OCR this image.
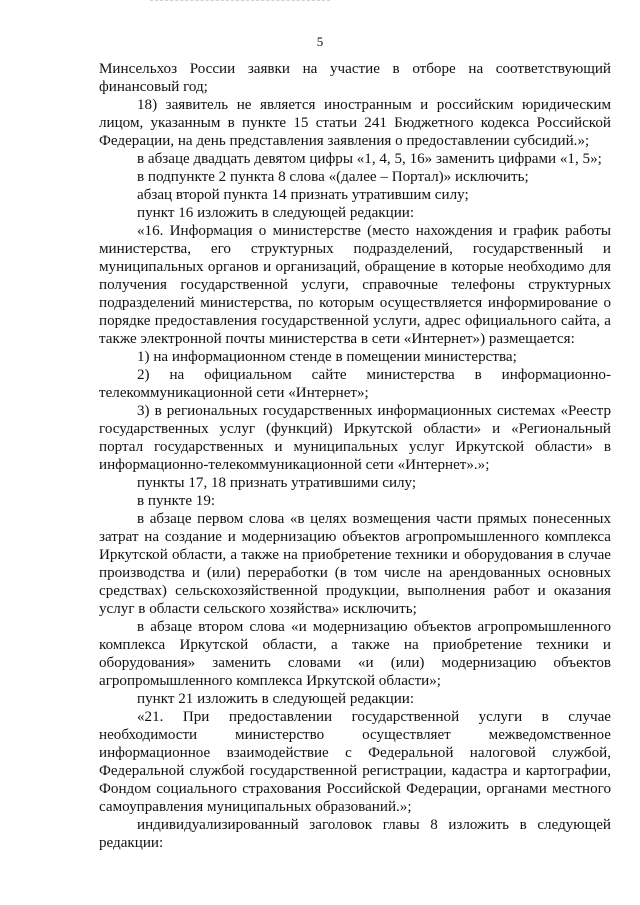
5

Минсельхоз России заявки на участие в отборе на соответствующий финансовый год;

18) заявитель не является иностранным и российским юридическим лицом, указанным в пункте 15 статьи 241 Бюджетного кодекса Российской Федерации, на день представления заявления о предоставлении субсидий.»;

в абзаце двадцать девятом цифры «1, 4, 5, 16» заменить цифрами «1, 5»;

в подпункте 2 пункта 8 слова «(далее – Портал)» исключить;

абзац второй пункта 14 признать утратившим силу;

пункт 16 изложить в следующей редакции:

«16. Информация о министерстве (место нахождения и график работы министерства, его структурных подразделений, государственный и муниципальных органов и организаций, обращение в которые необходимо для получения государственной услуги, справочные телефоны структурных подразделений министерства, по которым осуществляется информирование о порядке предоставления государственной услуги, адрес официального сайта, а также электронной почты министерства в сети «Интернет») размещается:

1) на информационном стенде в помещении министерства;

2) на официальном сайте министерства в информационно-телекоммуникационной сети «Интернет»;

3) в региональных государственных информационных системах «Реестр государственных услуг (функций) Иркутской области» и «Региональный портал государственных и муниципальных услуг Иркутской области» в информационно-телекоммуникационной сети «Интернет».»;

пункты 17, 18 признать утратившими силу;

в пункте 19:

в абзаце первом слова «в целях возмещения части прямых понесенных затрат на создание и модернизацию объектов агропромышленного комплекса Иркутской области, а также на приобретение техники и оборудования в случае производства и (или) переработки (в том числе на арендованных основных средствах) сельскохозяйственной продукции, выполнения работ и оказания услуг в области сельского хозяйства» исключить;

в абзаце втором слова «и модернизацию объектов агропромышленного комплекса Иркутской области, а также на приобретение техники и оборудования» заменить словами «и (или) модернизацию объектов агропромышленного комплекса Иркутской области»;

пункт 21 изложить в следующей редакции:

«21. При предоставлении государственной услуги в случае необходимости министерство осуществляет межведомственное информационное взаимодействие с Федеральной налоговой службой, Федеральной службой государственной регистрации, кадастра и картографии, Фондом социального страхования Российской Федерации, органами местного самоуправления муниципальных образований.»;

индивидуализированный заголовок главы 8 изложить в следующей редакции:
